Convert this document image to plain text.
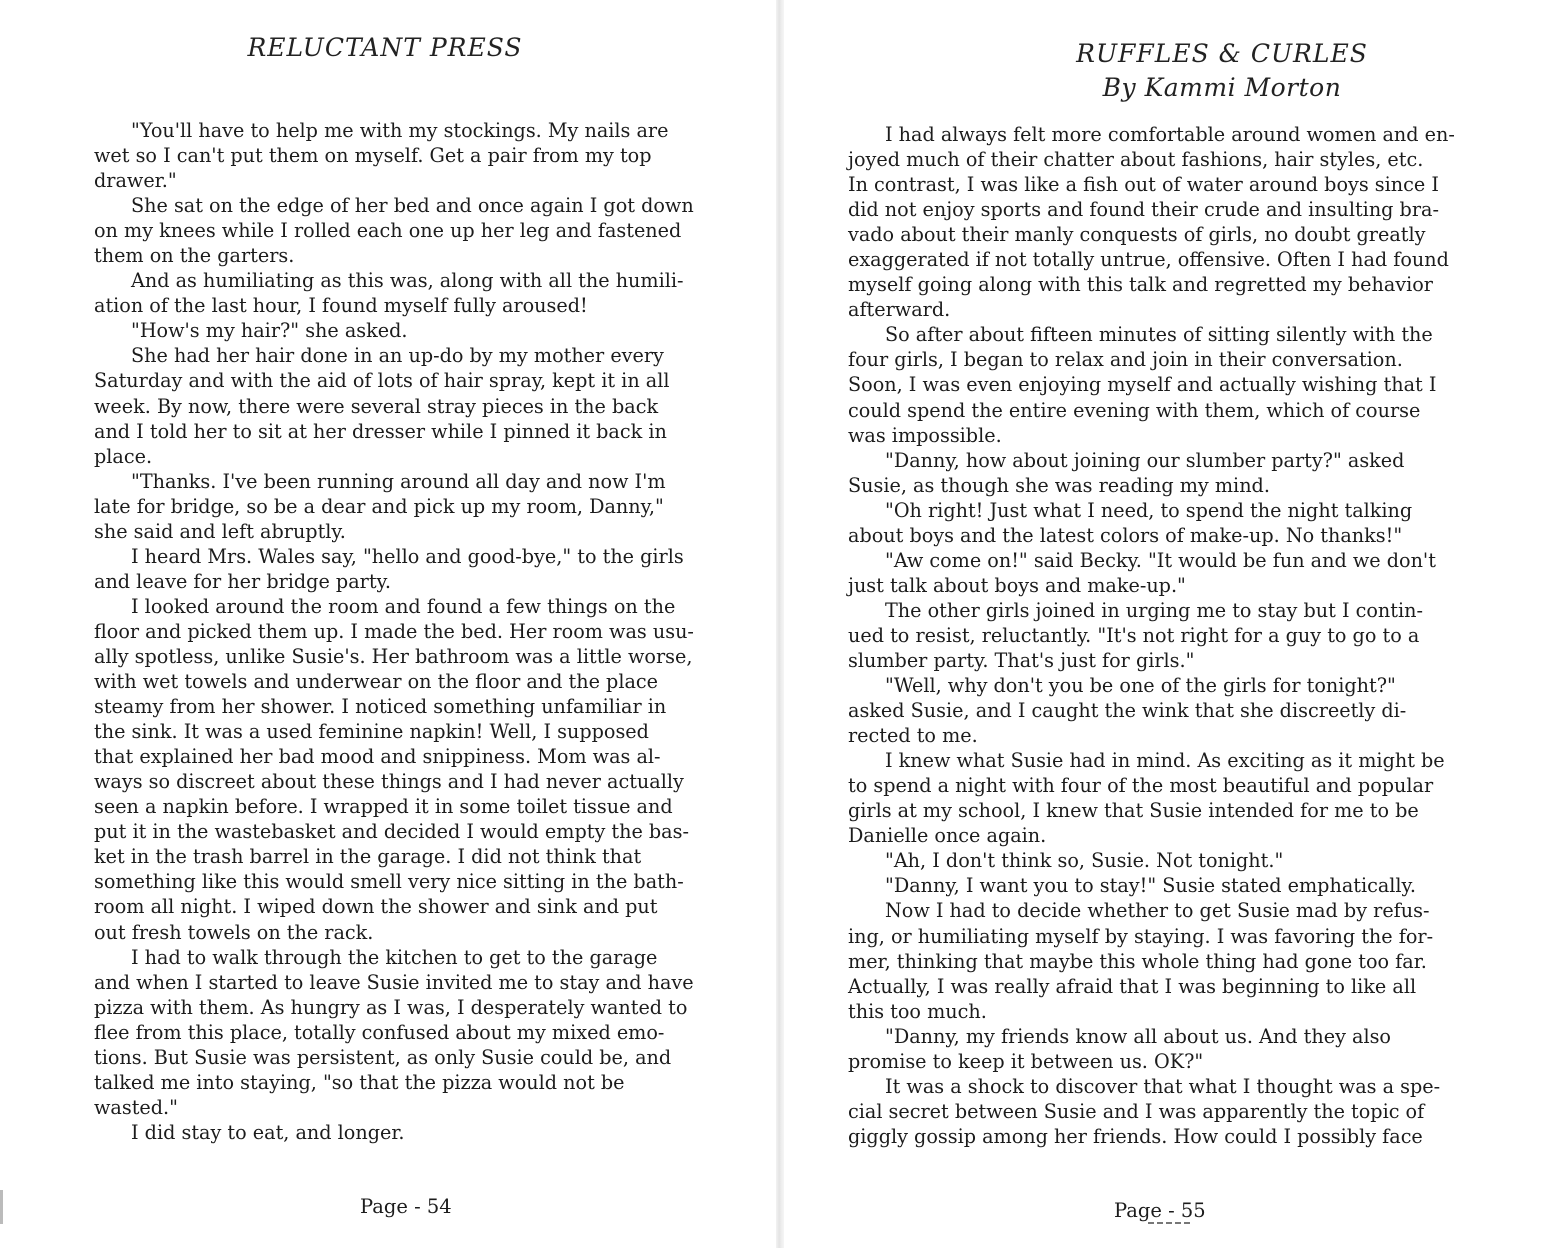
RELUCTANT PRESS
"You'll have to help me with my stockings. My nails are
wet so I can't put them on myself. Get a pair from my top
drawer."
She sat on the edge of her bed and once again I got down
on my knees while I rolled each one up her leg and fastened
them on the garters.
And as humiliating as this was, along with all the humili-
ation of the last hour, I found myself fully aroused!
"How's my hair?" she asked.
She had her hair done in an up-do by my mother every
Saturday and with the aid of lots of hair spray, kept it in all
week. By now, there were several stray pieces in the back
and I told her to sit at her dresser while I pinned it back in
place.
"Thanks. I've been running around all day and now I'm
late for bridge, so be a dear and pick up my room, Danny,"
she said and left abruptly.
I heard Mrs. Wales say, "hello and good-bye," to the girls
and leave for her bridge party.
I looked around the room and found a few things on the
floor and picked them up. I made the bed. Her room was usu-
ally spotless, unlike Susie's. Her bathroom was a little worse,
with wet towels and underwear on the floor and the place
steamy from her shower. I noticed something unfamiliar in
the sink. It was a used feminine napkin! Well, I supposed
that explained her bad mood and snippiness. Mom was al-
ways so discreet about these things and I had never actually
seen a napkin before. I wrapped it in some toilet tissue and
put it in the wastebasket and decided I would empty the bas-
ket in the trash barrel in the garage. I did not think that
something like this would smell very nice sitting in the bath-
room all night. I wiped down the shower and sink and put
out fresh towels on the rack.
I had to walk through the kitchen to get to the garage
and when I started to leave Susie invited me to stay and have
pizza with them. As hungry as I was, I desperately wanted to
flee from this place, totally confused about my mixed emo-
tions. But Susie was persistent, as only Susie could be, and
talked me into staying, "so that the pizza would not be
wasted."
I did stay to eat, and longer.
Page - 54
RUFFLES & CURLES
By Kammi Morton
I had always felt more comfortable around women and en-
joyed much of their chatter about fashions, hair styles, etc.
In contrast, I was like a fish out of water around boys since I
did not enjoy sports and found their crude and insulting bra-
vado about their manly conquests of girls, no doubt greatly
exaggerated if not totally untrue, offensive. Often I had found
myself going along with this talk and regretted my behavior
afterward.
So after about fifteen minutes of sitting silently with the
four girls, I began to relax and join in their conversation.
Soon, I was even enjoying myself and actually wishing that I
could spend the entire evening with them, which of course
was impossible.
"Danny, how about joining our slumber party?" asked
Susie, as though she was reading my mind.
"Oh right! Just what I need, to spend the night talking
about boys and the latest colors of make-up. No thanks!"
"Aw come on!" said Becky. "It would be fun and we don't
just talk about boys and make-up."
The other girls joined in urging me to stay but I contin-
ued to resist, reluctantly. "It's not right for a guy to go to a
slumber party. That's just for girls."
"Well, why don't you be one of the girls for tonight?"
asked Susie, and I caught the wink that she discreetly di-
rected to me.
I knew what Susie had in mind. As exciting as it might be
to spend a night with four of the most beautiful and popular
girls at my school, I knew that Susie intended for me to be
Danielle once again.
"Ah, I don't think so, Susie. Not tonight."
"Danny, I want you to stay!" Susie stated emphatically.
Now I had to decide whether to get Susie mad by refus-
ing, or humiliating myself by staying. I was favoring the for-
mer, thinking that maybe this whole thing had gone too far.
Actually, I was really afraid that I was beginning to like all
this too much.
"Danny, my friends know all about us. And they also
promise to keep it between us. OK?"
It was a shock to discover that what I thought was a spe-
cial secret between Susie and I was apparently the topic of
giggly gossip among her friends. How could I possibly face
Page - 55
